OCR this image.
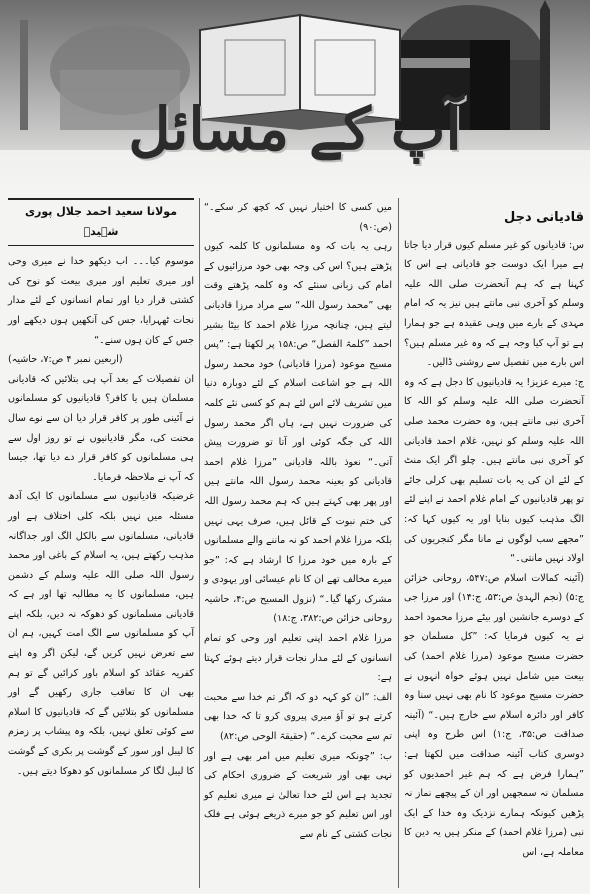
آپ کے مسائل
قادیانی دجل

س: قادیانوں کو غیر مسلم کیوں قرار دیا جاتا ہے میرا ایک دوست جو قادیانی ہے اس کا کہنا ہے کہ ہم آنحضرت صلی اللہ علیہ وسلم کو آخری نبی مانتے ہیں نیز یہ کہ امام مہدی کے بارے میں وہی عقیدہ ہے جو ہمارا ہے تو آپ کیا وجہ ہے کہ وہ غیر مسلم ہیں؟ اس بارے میں تفصیل سے روشنی ڈالیں۔

ج: میرے عزیز! یہ قادیانیوں کا دجل ہے کہ وہ آنحضرت صلی اللہ علیہ وسلم کو اللہ کا آخری نبی مانتے ہیں، وہ حضرت محمد صلی اللہ علیہ وسلم کو نہیں، غلام احمد قادیانی کو آخری نبی مانتے ہیں۔ چلو اگر ایک منٹ کے لئے ان کی یہ بات تسلیم بھی کرلی جائے تو پھر قادیانیوں کے امام غلام احمد نے اپنے لئے الگ مذہب کیوں بنایا اور یہ کیوں کہا کہ: ”مجھے سب لوگوں نے مانا مگر کنجریوں کی اولاد نہیں مانتی۔“

(آئینہ کمالات اسلام ص:۵۴۷، روحانی خزائن ج:۵) (نجم الہدیٰ ص:۵۳، ج:۱۴) اور مرزا جی کے دوسرے جانشین اور بیٹے مرزا محمود احمد نے یہ کیوں فرمایا کہ: ”کل مسلمان جو حضرت مسیح موعود (مرزا غلام احمد) کی بیعت میں شامل نہیں ہوئے خواہ انہوں نے حضرت مسیح موعود کا نام بھی نہیں سنا وہ کافر اور دائرہ اسلام سے خارج ہیں۔“ (آئینہ صداقت ص:۳۵، ج:۱) اس طرح وہ اپنی دوسری کتاب آئینہ صداقت میں لکھتا ہے: ”ہمارا فرض ہے کہ ہم غیر احمدیوں کو مسلمان نہ سمجھیں اور ان کے پیچھے نماز نہ پڑھیں کیونکہ ہمارے نزدیک وہ خدا کے ایک نبی (مرزا غلام احمد) کے منکر ہیں یہ دین کا معاملہ ہے، اس

میں کسی کا اختیار نہیں کہ کچھ کر سکے۔“ (ص:۹۰)

رہی یہ بات کہ وہ مسلمانوں کا کلمہ کیوں پڑھتے ہیں؟ اس کی وجہ بھی خود مرزائیوں کے امام کی زبانی سنئے کہ وہ کلمہ پڑھتے وقت بھی ”محمد رسول اللہ“ سے مراد مرزا قادیانی لیتے ہیں، چنانچہ مرزا غلام احمد کا بیٹا بشیر احمد ”کلمۃ الفصل“ ص:۱۵۸ پر لکھتا ہے: ”پس مسیح موعود (مرزا قادیانی) خود محمد رسول اللہ ہے جو اشاعت اسلام کے لئے دوبارہ دنیا میں تشریف لائے اس لئے ہم کو کسی نئے کلمہ کی ضرورت نہیں ہے، ہاں اگر محمد رسول اللہ کی جگہ کوئی اور آتا تو ضرورت پیش آتی۔“ نعوذ باللہ قادیانی ”مرزا غلام احمد قادیانی کو بعینہ محمد رسول اللہ مانتے ہیں اور پھر بھی کہتے ہیں کہ ہم محمد رسول اللہ کی ختم نبوت کے قائل ہیں، صرف یہی نہیں بلکہ مرزا غلام احمد کو نہ ماننے والے مسلمانوں کے بارہ میں خود مرزا کا ارشاد ہے کہ: ”جو میرے مخالف تھے ان کا نام عیسائی اور یہودی و مشرک رکھا گیا۔“ (نزول المسیح ص:۴، حاشیہ روحانی خزائن ص:۳۸۲، ج:۱۸)

مرزا غلام احمد اپنی تعلیم اور وحی کو تمام انسانوں کے لئے مدار نجات قرار دیتے ہوئے کہتا ہے:

الف: ”ان کو کہہ دو کہ اگر تم خدا سے محبت کرتے ہو تو آؤ میری پیروی کرو تا کہ خدا بھی تم سے محبت کرے۔“ (حقیقۃ الوحی ص:۸۲)

ب: ”چونکہ میری تعلیم میں امر بھی ہے اور نہی بھی اور شریعت کے ضروری احکام کی تجدید ہے اس لئے خدا تعالیٰ نے میری تعلیم کو اور اس تعلیم کو جو میرے ذریعے ہوئی ہے فلک نجات کشتی کے نام سے

مولانا سعید احمد جلال پوری شہیدؒ

موسوم کیا۔۔۔ اب دیکھو خدا نے میری وحی اور میری تعلیم اور میری بیعت کو نوح کی کشتی قرار دیا اور تمام انسانوں کے لئے مدار نجات ٹھہرایا، جس کی آنکھیں ہوں دیکھے اور جس کے کان ہوں سنے۔“

(اربعین نمبر ۴ ص:۷، حاشیہ)

ان تفصیلات کے بعد آپ ہی بتلائیں کہ قادیانی مسلمان ہیں یا کافر؟ قادیانیوں کو مسلمانوں نے آئینی طور پر کافر قرار دیا ان سے نوے سال محنت کی، مگر قادیانیوں نے تو روز اول سے ہی مسلمانوں کو کافر قرار دے دیا تھا، جیسا کہ آپ نے ملاحظہ فرمایا۔

غرضیکہ قادیانیوں سے مسلمانوں کا ایک آدھ مسئلہ میں نہیں بلکہ کلی اختلاف ہے اور قادیانی، مسلمانوں سے بالکل الگ اور جداگانہ مذہب رکھتے ہیں، یہ اسلام کے باغی اور محمد رسول اللہ صلی اللہ علیہ وسلم کے دشمن ہیں، مسلمانوں کا یہ مطالبہ تھا اور ہے کہ قادیانی مسلمانوں کو دھوکہ نہ دیں، بلکہ اپنے آپ کو مسلمانوں سے الگ امت کہیں، ہم ان سے تعرض نہیں کریں گے، لیکن اگر وہ اپنے کفریہ عقائد کو اسلام باور کرائیں گے تو ہم بھی ان کا تعاقب جاری رکھیں گے اور مسلمانوں کو بتلائیں گے کہ قادیانیوں کا اسلام سے کوئی تعلق نہیں، بلکہ وہ پیشاب پر زمزم کا لیبل اور سور کے گوشت پر بکری کے گوشت کا لیبل لگا کر مسلمانوں کو دھوکا دیتے ہیں۔
